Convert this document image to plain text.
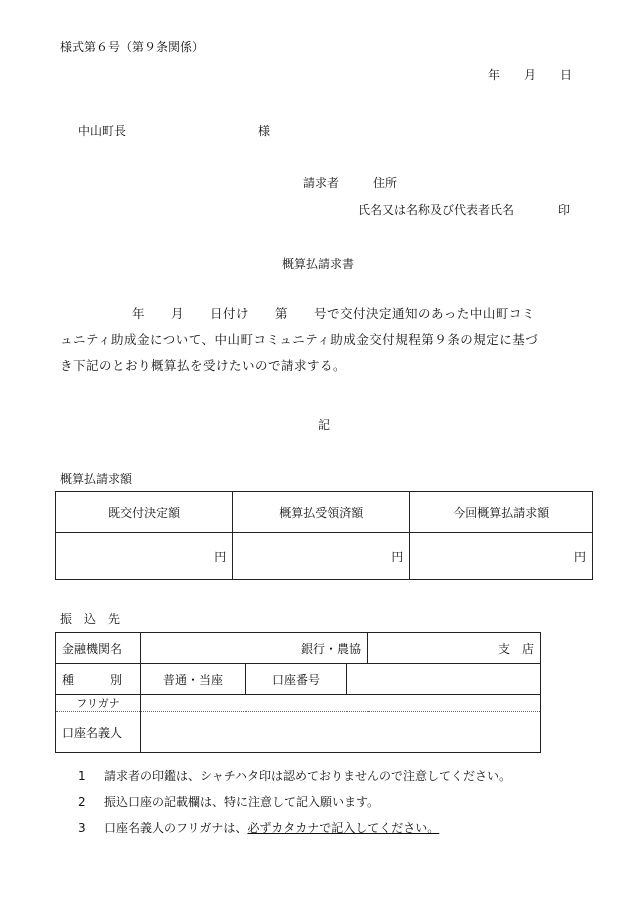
様式第６号（第９条関係）
年　　月　　日
中山町長	様
請求者	住所
氏名又は名称及び代表者氏名	印
概算払請求書
年　　月　　日付け　　第　　号で交付決定通知のあった中山町コミ
ュニティ助成金について、中山町コミュニティ助成金交付規程第９条の規定に基づ
き下記のとおり概算払を受けたいので請求する。
記
概算払請求額
既交付決定額	概算払受領済額	今回概算払請求額
円	円	円
振　込　先
金融機関名	銀行・農協			支　店
種　　　別	普通・当座	口座番号		
フリガナ				
口座名義人				
1 請求者の印鑑は、シャチハタ印は認めておりませんので注意してください。
2 振込口座の記載欄は、特に注意して記入願います。
3 口座名義人のフリガナは、必ずカタカナで記入してください。
